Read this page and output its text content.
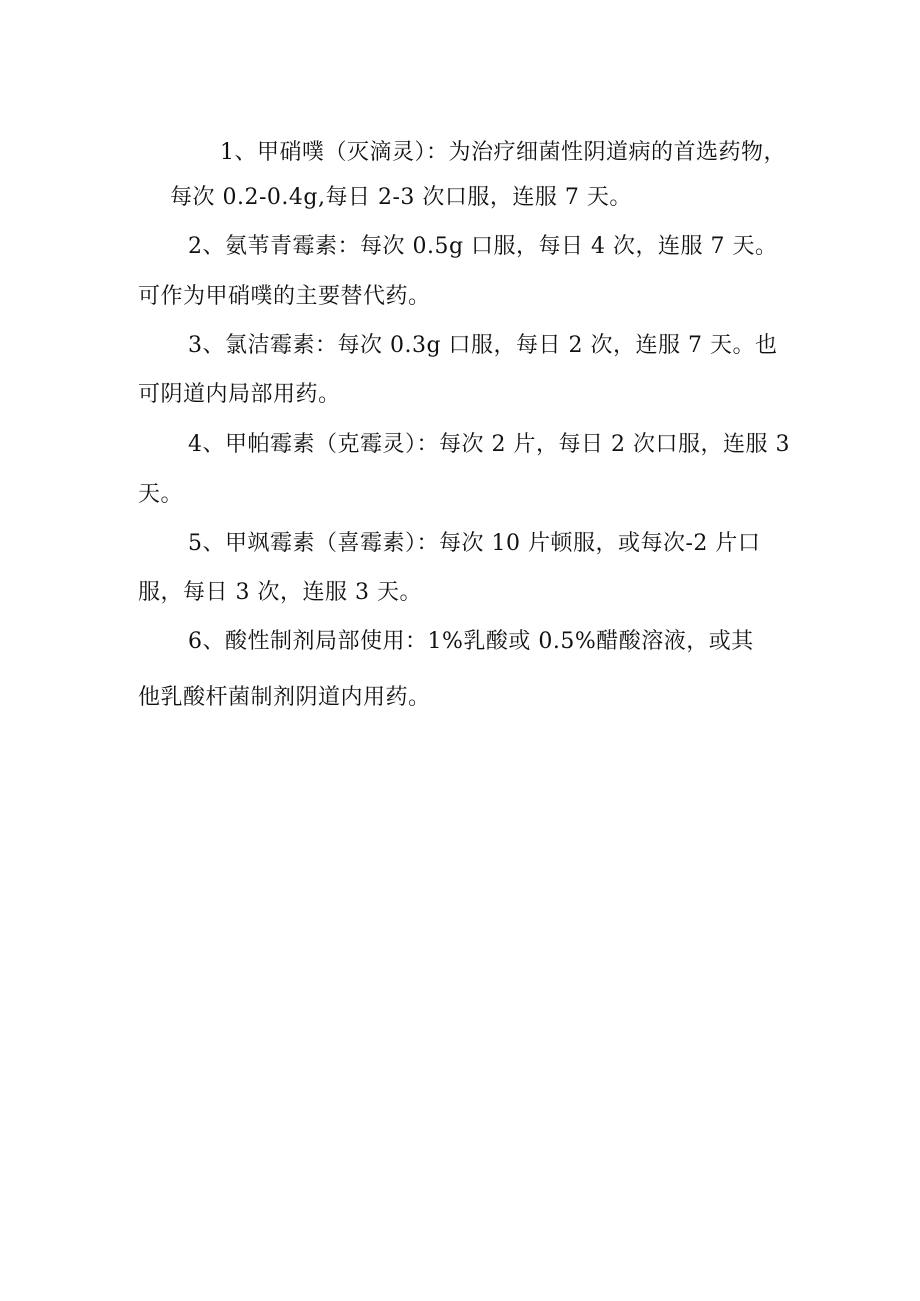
1、甲硝噗（灭滴灵）：为治疗细菌性阴道病的首选药物，
每次 0.2-0.4g,每日 2-3 次口服，连服 7 天。
2、氨苇青霉素：每次 0.5g 口服，每日 4 次，连服 7 天。
可作为甲硝噗的主要替代药。
3、氯洁霉素：每次 0.3g 口服，每日 2 次，连服 7 天。也
可阴道内局部用药。
4、甲帕霉素（克霉灵）：每次 2 片，每日 2 次口服，连服 3
天。
5、甲飒霉素（喜霉素）：每次 10 片顿服，或每次-2 片口
服，每日 3 次，连服 3 天。
6、酸性制剂局部使用：1%乳酸或 0.5%醋酸溶液，或其
他乳酸杆菌制剂阴道内用药。
